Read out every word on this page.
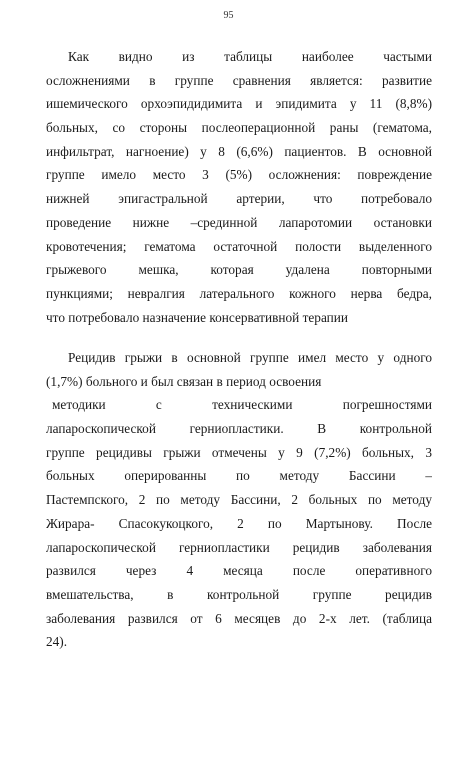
95
Как видно из таблицы наиболее частыми
осложнениями в группе сравнения является: развитие
ишемического орхоэпидидимита и эпидимита у 11 (8,8%)
больных, со стороны послеоперационной раны (гематома,
инфильтрат, нагноение) у 8 (6,6%) пациентов. В основной
группе имело место 3 (5%) осложнения: повреждение
нижней эпигастральной артерии, что потребовало
проведение нижне –срединной лапаротомии остановки
кровотечения; гематома остаточной полости выделенного
грыжевого мешка, которая удалена повторными
пункциями; невралгия латерального кожного нерва бедра,
что потребовало назначение консервативной терапии
Рецидив грыжи в основной группе имел место у одного
(1,7%) больного и был связан в период освоения
методики с техническими погрешностями
лапароскопической герниопластики. В контрольной
группе рецидивы грыжи отмечены у 9 (7,2%) больных, 3
больных оперированны по методу Бассини –
Пастемпского, 2 по методу Бассини, 2 больных по методу
Жирара- Спасокукоцкого, 2 по Мартынову. После
лапароскопической герниопластики рецидив заболевания
развился через 4 месяца после оперативного
вмешательства, в контрольной группе рецидив
заболевания развился от 6 месяцев до 2-х лет. (таблица
24).
